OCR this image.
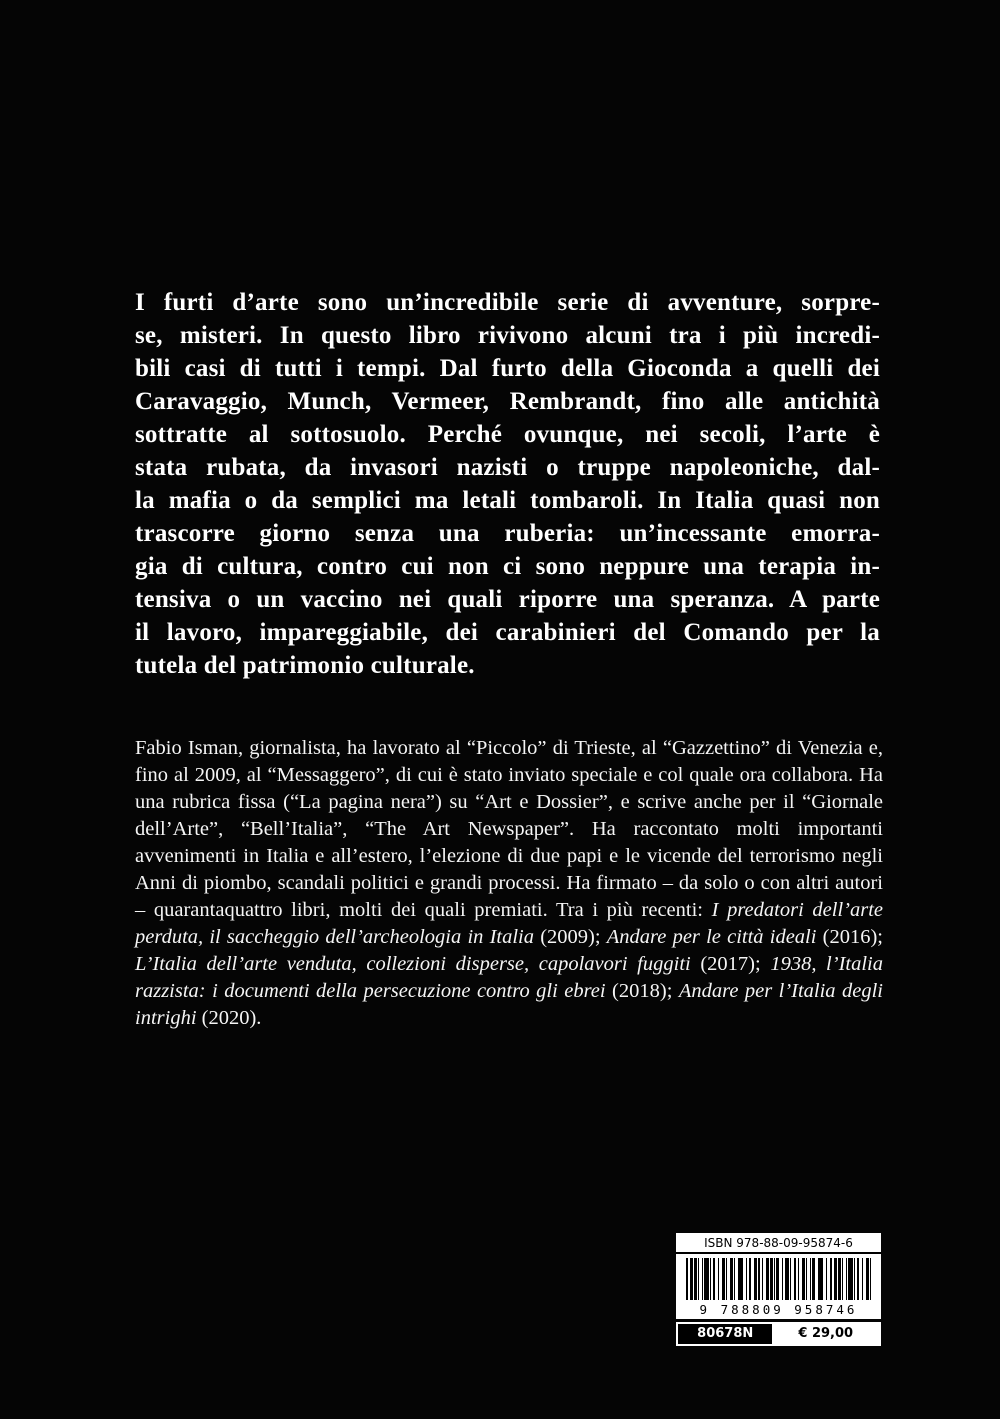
I furti d’arte sono un’incredibile serie di avventure, sorpre-
se, misteri. In questo libro rivivono alcuni tra i più incredi-
bili casi di tutti i tempi. Dal furto della Gioconda a quelli dei
Caravaggio, Munch, Vermeer, Rembrandt, fino alle antichità
sottratte al sottosuolo. Perché ovunque, nei secoli, l’arte è
stata rubata, da invasori nazisti o truppe napoleoniche, dal-
la mafia o da semplici ma letali tombaroli. In Italia quasi non
trascorre giorno senza una ruberia: un’incessante emorra-
gia di cultura, contro cui non ci sono neppure una terapia in-
tensiva o un vaccino nei quali riporre una speranza. A parte
il lavoro, impareggiabile, dei carabinieri del Comando per la
tutela del patrimonio culturale.
Fabio Isman, giornalista, ha lavorato al “Piccolo” di Trieste, al “Gazzettino” di Venezia e, fino al 2009, al “Messaggero”, di cui è stato inviato speciale e col quale ora collabora. Ha una rubrica fissa (“La pagina nera”) su “Art e Dossier”, e scrive anche per il “Giornale dell’Arte”, “Bell’Italia”, “The Art Newspaper”. Ha raccontato molti importanti avvenimenti in Italia e all’estero, l’elezione di due papi e le vicende del terrorismo negli Anni di piombo, scandali politici e grandi processi. Ha firmato – da solo o con altri autori – quarantaquattro libri, molti dei quali premiati. Tra i più recenti: I predatori dell’arte perduta, il saccheggio dell’archeologia in Italia (2009); Andare per le città ideali (2016); L’Italia dell’arte venduta, collezioni disperse, capolavori fuggiti (2017); 1938, l’Italia razzista: i documenti della persecuzione contro gli ebrei (2018); Andare per l’Italia degli intrighi (2020).
ISBN 978-88-09-95874-6
9 788809 958746
80678N	€ 29,00
